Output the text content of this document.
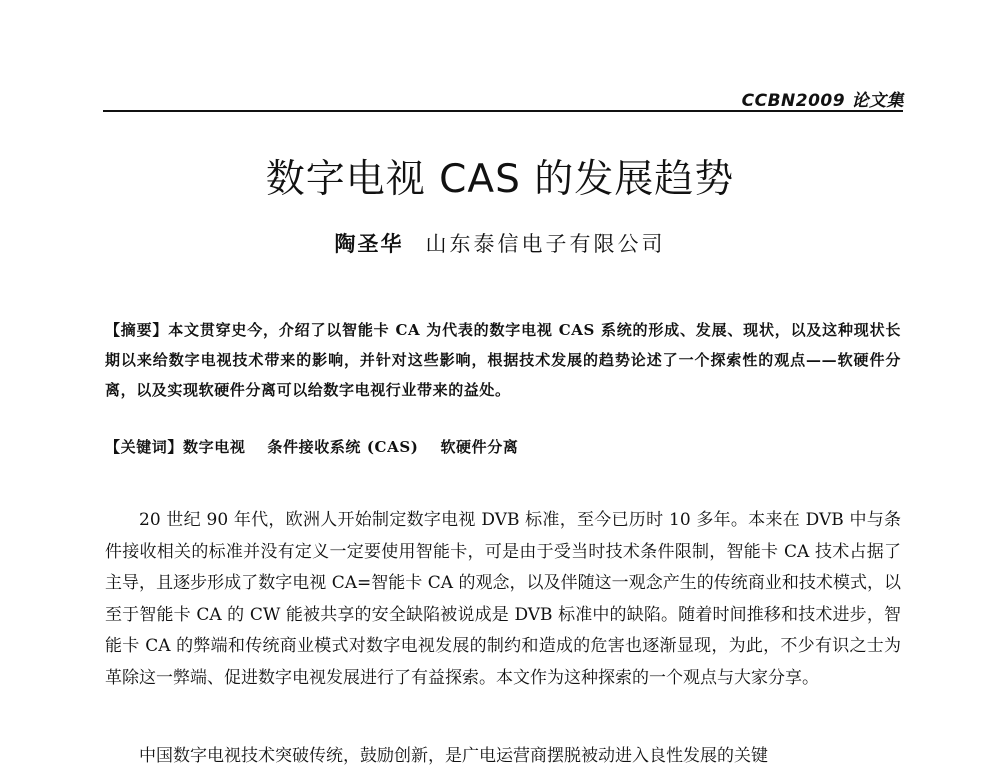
CCBN2009 论文集
数字电视 CAS 的发展趋势
陶圣华 山东泰信电子有限公司
【摘要】本文贯穿史今，介绍了以智能卡 CA 为代表的数字电视 CAS 系统的形成、发展、现状，以及这种现状长期以来给数字电视技术带来的影响，并针对这些影响，根据技术发展的趋势论述了一个探索性的观点——软硬件分离，以及实现软硬件分离可以给数字电视行业带来的益处。
【关键词】数字电视 条件接收系统 (CAS) 软硬件分离

20 世纪 90 年代，欧洲人开始制定数字电视 DVB 标准，至今已历时 10 多年。本来在 DVB 中与条件接收相关的标准并没有定义一定要使用智能卡，可是由于受当时技术条件限制，智能卡 CA 技术占据了主导，且逐步形成了数字电视 CA=智能卡 CA 的观念，以及伴随这一观念产生的传统商业和技术模式，以至于智能卡 CA 的 CW 能被共享的安全缺陷被说成是 DVB 标准中的缺陷。随着时间推移和技术进步，智能卡 CA 的弊端和传统商业模式对数字电视发展的制约和造成的危害也逐渐显现，为此，不少有识之士为革除这一弊端、促进数字电视发展进行了有益探索。本文作为这种探索的一个观点与大家分享。

中国数字电视技术突破传统，鼓励创新，是广电运营商摆脱被动进入良性发展的关键
